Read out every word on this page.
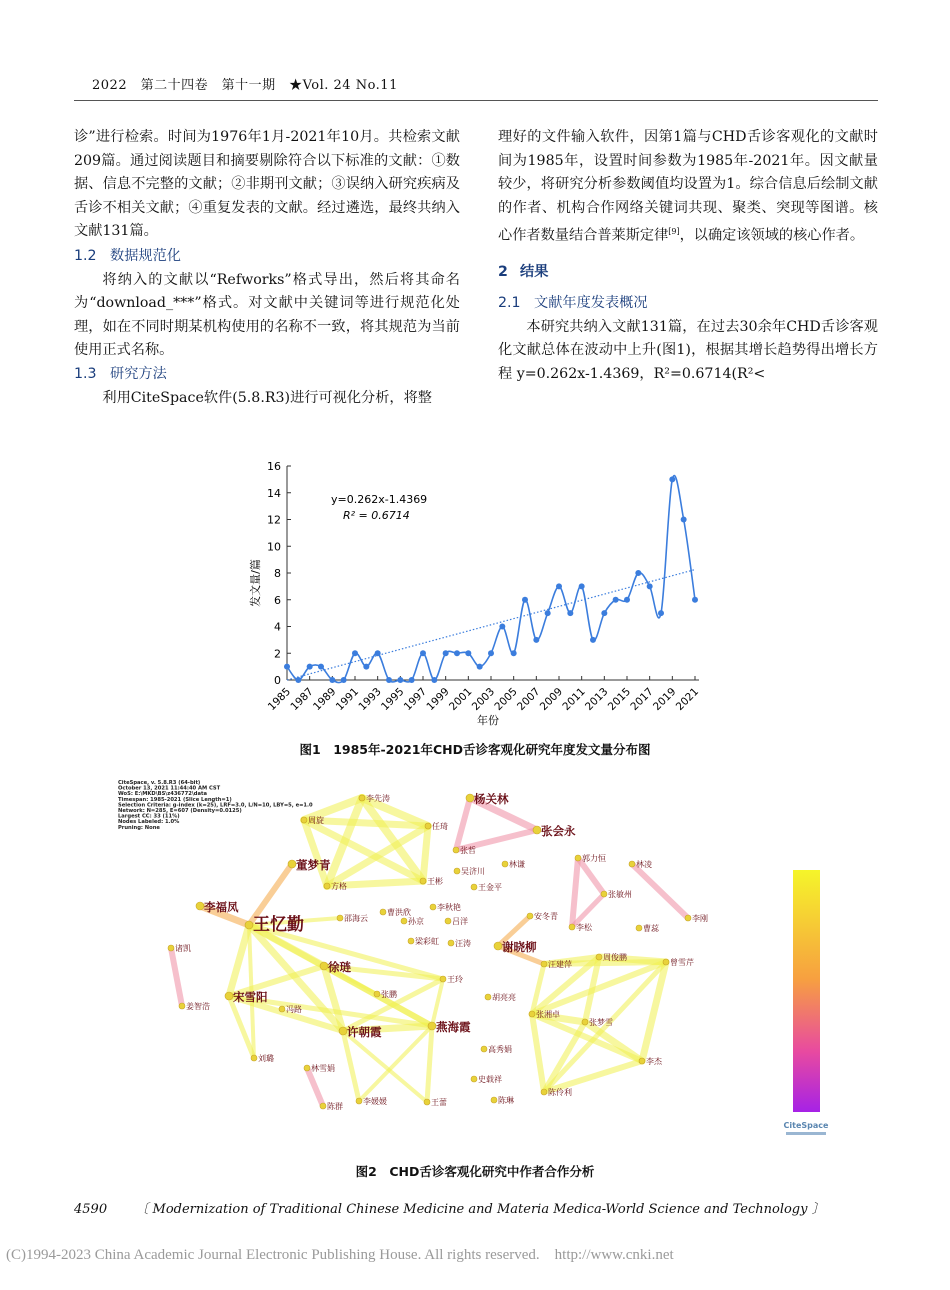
2022　第二十四卷　第十一期　★Vol. 24 No.11

诊”进行检索。时间为1976年1月-2021年10月。共检索文献209篇。通过阅读题目和摘要剔除符合以下标准的文献：①数据、信息不完整的文献；②非期刊文献；③误纳入研究疾病及舌诊不相关文献；④重复发表的文献。经过遴选，最终共纳入文献131篇。

1.2 数据规范化

将纳入的文献以“Refworks”格式导出，然后将其命名为“download_***”格式。对文献中关键词等进行规范化处理，如在不同时期某机构使用的名称不一致，将其规范为当前使用正式名称。

1.3 研究方法

利用CiteSpace软件(5.8.R3)进行可视化分析，将整

理好的文件输入软件，因第1篇与CHD舌诊客观化的文献时间为1985年，设置时间参数为1985年-2021年。因文献量较少，将研究分析参数阈值均设置为1。综合信息后绘制文献的作者、机构合作网络关键词共现、聚类、突现等图谱。核心作者数量结合普莱斯定律[9]，以确定该领域的核心作者。

2 结果

2.1 文献年度发表概况

本研究共纳入文献131篇，在过去30余年CHD舌诊客观化文献总体在波动中上升(图1)，根据其增长趋势得出增长方程 y=0.262x-1.4369，R²=0.6714(R²<

0
2
4
6
8
10
12
14
16
1985
1987
1989
1991
1993
1995
1997
1999
2001
2003
2005
2007
2009
2011
2013
2015
2017
2019
2021
y=0.262x-1.4369
R² = 0.6714
年份
发文量/篇
图1　1985年-2021年CHD舌诊客观化研究年度发文量分布图
王忆勤
许朝霞
宋雪阳
燕海霞
徐琏
董梦青
李福凤
谢晓柳
杨关林
张会永
李先涛
周旋
任琦
方格
王彬
张哲
吴济川
林谦
王金平
郭力恒
林凌
张敏州
李刚
曹蕊
李松
安冬青
邵海云
曹洪欣
李秋艳
孙京	吕洋
梁彩虹 汪涛
汪建萍
周俊鹏
曾雪芹
诸凯
姜智浩	冯路
王玲
张鹏	胡亮亮
张湘卓
张梦雪
高秀娟
刘璐
林雪娟
史载祥
李杰
陈群
李媛媛	王蕾	陈琳
陈伶利
CiteSpace, v. 5.8.R3 (64-bit)
October 13, 2021 11:44:40 AM CST
WoS: E:\MKD\BS\z436772\data
Timespan: 1985-2021 (Slice Length=1)
Selection Criteria: g-index (k=25), LRF=3.0, L/N=10, LBY=5, e=1.0
Network: N=285, E=607 (Density=0.0125)
Largest CC: 33 (11%)
Nodes Labeled: 1.0%
Pruning: None
CiteSpace
图2　CHD舌诊客观化研究中作者合作分析
4590 〔 Modernization of Traditional Chinese Medicine and Materia Medica-World Science and Technology 〕
(C)1994-2023 China Academic Journal Electronic Publishing House. All rights reserved.　http://www.cnki.net
